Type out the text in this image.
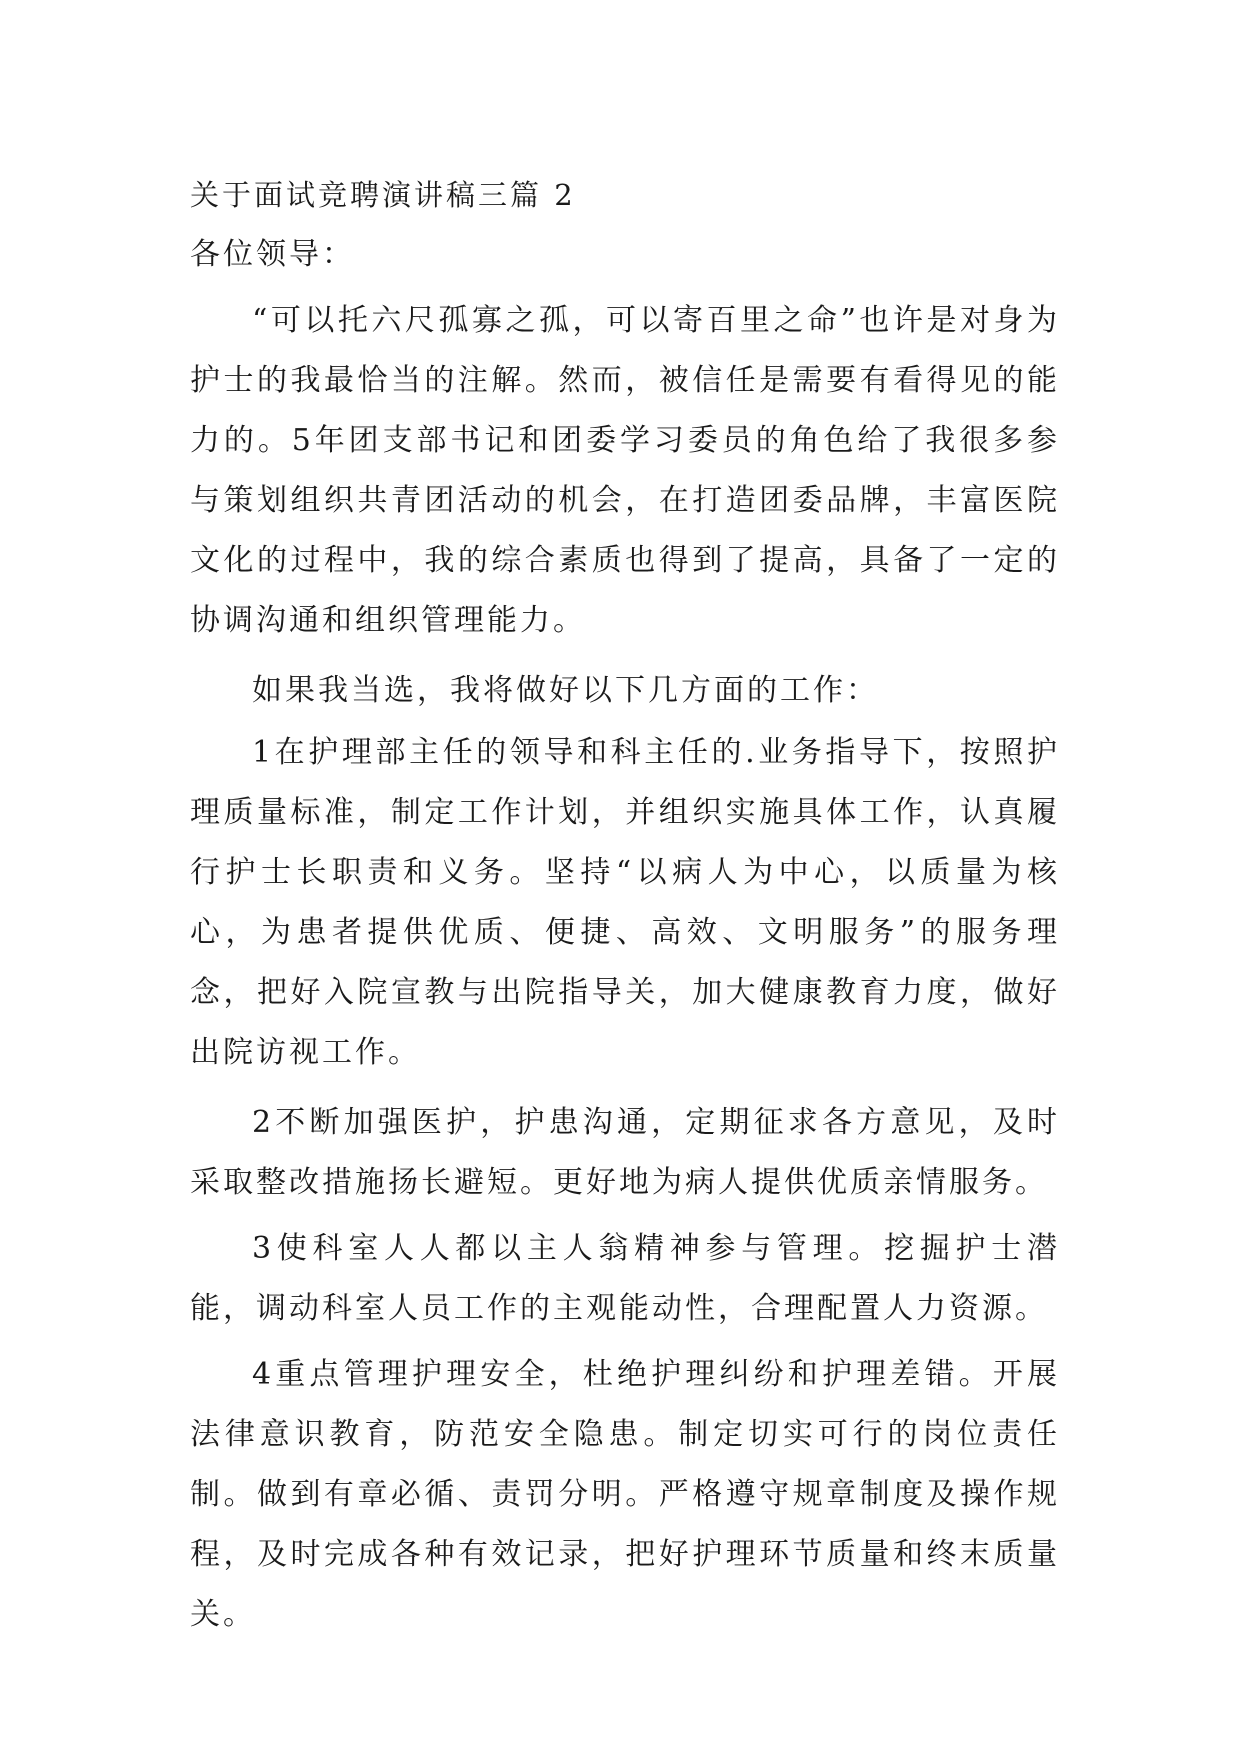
关于面试竞聘演讲稿三篇 2

各位领导：

“可以托六尺孤寡之孤，可以寄百里之命”也许是对身为护士的我最恰当的注解。然而，被信任是需要有看得见的能力的。5年团支部书记和团委学习委员的角色给了我很多参与策划组织共青团活动的机会，在打造团委品牌，丰富医院文化的过程中，我的综合素质也得到了提高，具备了一定的协调沟通和组织管理能力。

如果我当选，我将做好以下几方面的工作：

1在护理部主任的领导和科主任的.业务指导下，按照护理质量标准，制定工作计划，并组织实施具体工作，认真履行护士长职责和义务。坚持“以病人为中心，以质量为核心，为患者提供优质、便捷、高效、文明服务”的服务理念，把好入院宣教与出院指导关，加大健康教育力度，做好出院访视工作。

2不断加强医护，护患沟通，定期征求各方意见，及时采取整改措施扬长避短。更好地为病人提供优质亲情服务。

3使科室人人都以主人翁精神参与管理。挖掘护士潜能，调动科室人员工作的主观能动性，合理配置人力资源。

4重点管理护理安全，杜绝护理纠纷和护理差错。开展法律意识教育，防范安全隐患。制定切实可行的岗位责任制。做到有章必循、责罚分明。严格遵守规章制度及操作规程，及时完成各种有效记录，把好护理环节质量和终末质量关。
